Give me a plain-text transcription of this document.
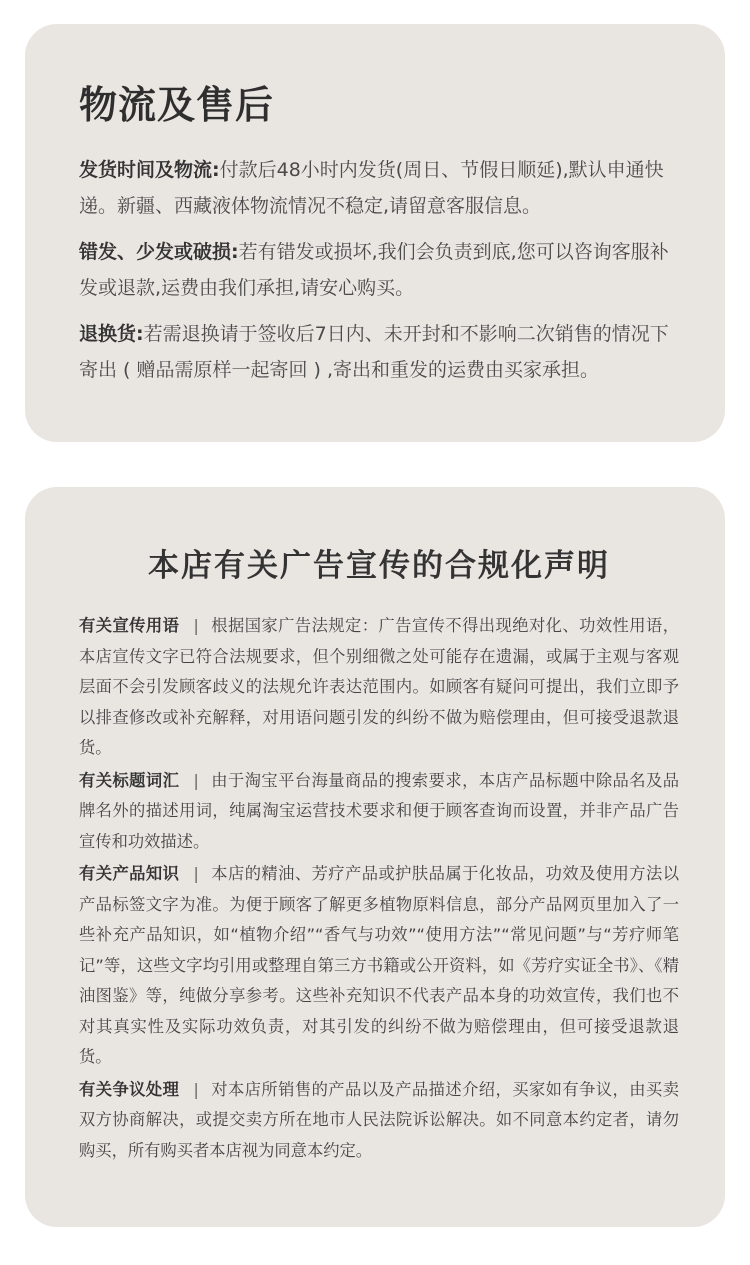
物流及售后

发货时间及物流:付款后48小时内发货(周日、节假日顺延),默认申通快递。新疆、西藏液体物流情况不稳定,请留意客服信息。

错发、少发或破损:若有错发或损坏,我们会负责到底,您可以咨询客服补发或退款,运费由我们承担,请安心购买。

退换货:若需退换请于签收后7日内、未开封和不影响二次销售的情况下寄出 ( 赠品需原样一起寄回 ) ,寄出和重发的运费由买家承担。

本店有关广告宣传的合规化声明

有关宣传用语 | 根据国家广告法规定：广告宣传不得出现绝对化、功效性用语，本店宣传文字已符合法规要求，但个别细微之处可能存在遗漏，或属于主观与客观层面不会引发顾客歧义的法规允许表达范围内。如顾客有疑问可提出，我们立即予以排查修改或补充解释，对用语问题引发的纠纷不做为赔偿理由，但可接受退款退货。

有关标题词汇 | 由于淘宝平台海量商品的搜索要求，本店产品标题中除品名及品牌名外的描述用词，纯属淘宝运营技术要求和便于顾客查询而设置，并非产品广告宣传和功效描述。

有关产品知识 | 本店的精油、芳疗产品或护肤品属于化妆品，功效及使用方法以产品标签文字为准。为便于顾客了解更多植物原料信息，部分产品网页里加入了一些补充产品知识，如“植物介绍”“香气与功效”“使用方法”“常见问题”与“芳疗师笔记”等，这些文字均引用或整理自第三方书籍或公开资料，如《芳疗实证全书》、《精油图鉴》等，纯做分享参考。这些补充知识不代表产品本身的功效宣传，我们也不对其真实性及实际功效负责，对其引发的纠纷不做为赔偿理由，但可接受退款退货。

有关争议处理 | 对本店所销售的产品以及产品描述介绍，买家如有争议，由买卖双方协商解决，或提交卖方所在地市人民法院诉讼解决。如不同意本约定者，请勿购买，所有购买者本店视为同意本约定。
